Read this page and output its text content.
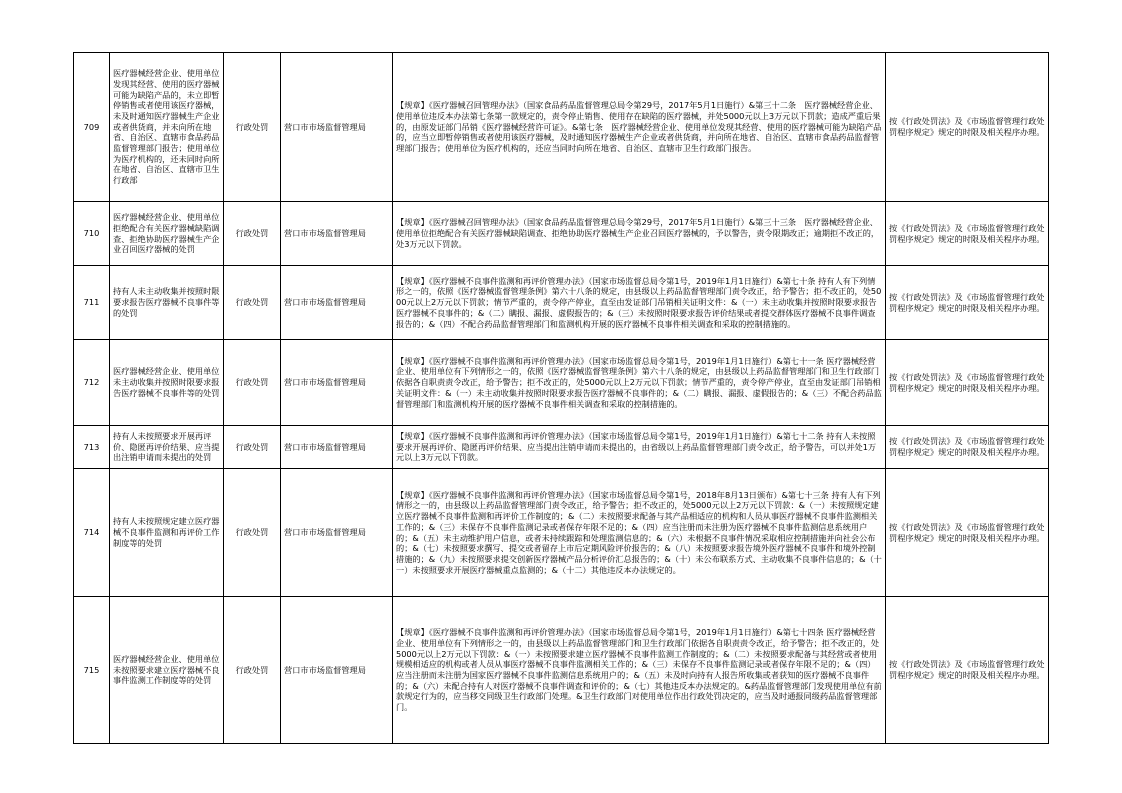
709	医疗器械经营企业、使用单位发现其经营、使用的医疗器械可能为缺陷产品的，未立即暂停销售或者使用该医疗器械，未及时通知医疗器械生产企业或者供货商，并未向所在地省、自治区、直辖市食品药品监督管理部门报告；使用单位为医疗机构的，还未同时向所在地省、自治区、直辖市卫生行政部	行政处罚	营口市市场监督管理局	【规章】《医疗器械召回管理办法》（国家食品药品监督管理总局令第29号，2017年5月1日施行）&第三十二条　医疗器械经营企业、使用单位违反本办法第七条第一款规定的，责令停止销售、使用存在缺陷的医疗器械，并处5000元以上3万元以下罚款；造成严重后果的，由原发证部门吊销《医疗器械经营许可证》。&第七条　医疗器械经营企业、使用单位发现其经营、使用的医疗器械可能为缺陷产品的，应当立即暂停销售或者使用该医疗器械，及时通知医疗器械生产企业或者供货商，并向所在地省、自治区、直辖市食品药品监督管理部门报告；使用单位为医疗机构的，还应当同时向所在地省、自治区、直辖市卫生行政部门报告。	按《行政处罚法》及《市场监督管理行政处罚程序规定》规定的时限及相关程序办理。
710	医疗器械经营企业、使用单位拒绝配合有关医疗器械缺陷调查、拒绝协助医疗器械生产企业召回医疗器械的处罚	行政处罚	营口市市场监督管理局	【规章】《医疗器械召回管理办法》（国家食品药品监督管理总局令第29号，2017年5月1日施行）&第三十三条　医疗器械经营企业、使用单位拒绝配合有关医疗器械缺陷调查、拒绝协助医疗器械生产企业召回医疗器械的，予以警告，责令限期改正；逾期拒不改正的，处3万元以下罚款。	按《行政处罚法》及《市场监督管理行政处罚程序规定》规定的时限及相关程序办理。
711	持有人未主动收集并按照时限要求报告医疗器械不良事件等的处罚	行政处罚	营口市市场监督管理局	【规章】《医疗器械不良事件监测和再评价管理办法》（国家市场监督总局令第1号，2019年1月1日施行）&第七十条 持有人有下列情形之一的，依照《医疗器械监督管理条例》第六十八条的规定，由县级以上药品监督管理部门责令改正，给予警告；拒不改正的，处5000元以上2万元以下罚款；情节严重的，责令停产停业，直至由发证部门吊销相关证明文件：&（一）未主动收集并按照时限要求报告医疗器械不良事件的；&（二）瞒报、漏报、虚假报告的；&（三）未按照时限要求报告评价结果或者提交群体医疗器械不良事件调查报告的；&（四）不配合药品监督管理部门和监测机构开展的医疗器械不良事件相关调查和采取的控制措施的。	按《行政处罚法》及《市场监督管理行政处罚程序规定》规定的时限及相关程序办理。
712	医疗器械经营企业、使用单位未主动收集并按照时限要求报告医疗器械不良事件等的处罚	行政处罚	营口市市场监督管理局	【规章】《医疗器械不良事件监测和再评价管理办法》（国家市场监督总局令第1号，2019年1月1日施行）&第七十一条 医疗器械经营企业、使用单位有下列情形之一的，依照《医疗器械监督管理条例》第六十八条的规定，由县级以上药品监督管理部门和卫生行政部门依据各自职责责令改正，给予警告；拒不改正的，处5000元以上2万元以下罚款；情节严重的，责令停产停业，直至由发证部门吊销相关证明文件：&（一）未主动收集并按照时限要求报告医疗器械不良事件的；&（二）瞒报、漏报、虚假报告的；&（三）不配合药品监督管理部门和监测机构开展的医疗器械不良事件相关调查和采取的控制措施的。	按《行政处罚法》及《市场监督管理行政处罚程序规定》规定的时限及相关程序办理。
713	持有人未按照要求开展再评价、隐匿再评价结果、应当提出注销申请而未提出的处罚	行政处罚	营口市市场监督管理局	【规章】《医疗器械不良事件监测和再评价管理办法》（国家市场监督总局令第1号，2019年1月1日施行）&第七十二条 持有人未按照要求开展再评价、隐匿再评价结果、应当提出注销申请而未提出的，由省级以上药品监督管理部门责令改正，给予警告，可以并处1万元以上3万元以下罚款。	按《行政处罚法》及《市场监督管理行政处罚程序规定》规定的时限及相关程序办理。
714	持有人未按照规定建立医疗器械不良事件监测和再评价工作制度等的处罚	行政处罚	营口市市场监督管理局	【规章】《医疗器械不良事件监测和再评价管理办法》（国家市场监督总局令第1号，2018年8月13日颁布）&第七十三条 持有人有下列情形之一的，由县级以上药品监督管理部门责令改正，给予警告；拒不改正的，处5000元以上2万元以下罚款：&（一）未按照规定建立医疗器械不良事件监测和再评价工作制度的；&（二）未按照要求配备与其产品相适应的机构和人员从事医疗器械不良事件监测相关工作的；&（三）未保存不良事件监测记录或者保存年限不足的；&（四）应当注册而未注册为医疗器械不良事件监测信息系统用户的；&（五）未主动维护用户信息，或者未持续跟踪和处理监测信息的；&（六）未根据不良事件情况采取相应控制措施并向社会公布的；&（七）未按照要求撰写、提交或者留存上市后定期风险评价报告的；&（八）未按照要求报告境外医疗器械不良事件和境外控制措施的；&（九）未按照要求提交创新医疗器械产品分析评价汇总报告的；&（十）未公布联系方式、主动收集不良事件信息的；&（十一）未按照要求开展医疗器械重点监测的；&（十二）其他违反本办法规定的。	按《行政处罚法》及《市场监督管理行政处罚程序规定》规定的时限及相关程序办理。
715	医疗器械经营企业、使用单位未按照要求建立医疗器械不良事件监测工作制度等的处罚	行政处罚	营口市市场监督管理局	【规章】《医疗器械不良事件监测和再评价管理办法》（国家市场监督总局令第1号，2019年1月1日施行）&第七十四条 医疗器械经营企业、使用单位有下列情形之一的，由县级以上药品监督管理部门和卫生行政部门依据各自职责责令改正，给予警告；拒不改正的，处5000元以上2万元以下罚款：&（一）未按照要求建立医疗器械不良事件监测工作制度的；&（二）未按照要求配备与其经营或者使用规模相适应的机构或者人员从事医疗器械不良事件监测相关工作的；&（三）未保存不良事件监测记录或者保存年限不足的；&（四）应当注册而未注册为国家医疗器械不良事件监测信息系统用户的；&（五）未及时向持有人报告所收集或者获知的医疗器械不良事件的；&（六）未配合持有人对医疗器械不良事件调查和评价的；&（七）其他违反本办法规定的。&药品监督管理部门发现使用单位有前款规定行为的，应当移交同级卫生行政部门处理。&卫生行政部门对使用单位作出行政处罚决定的，应当及时通报同级药品监督管理部门。	按《行政处罚法》及《市场监督管理行政处罚程序规定》规定的时限及相关程序办理。
